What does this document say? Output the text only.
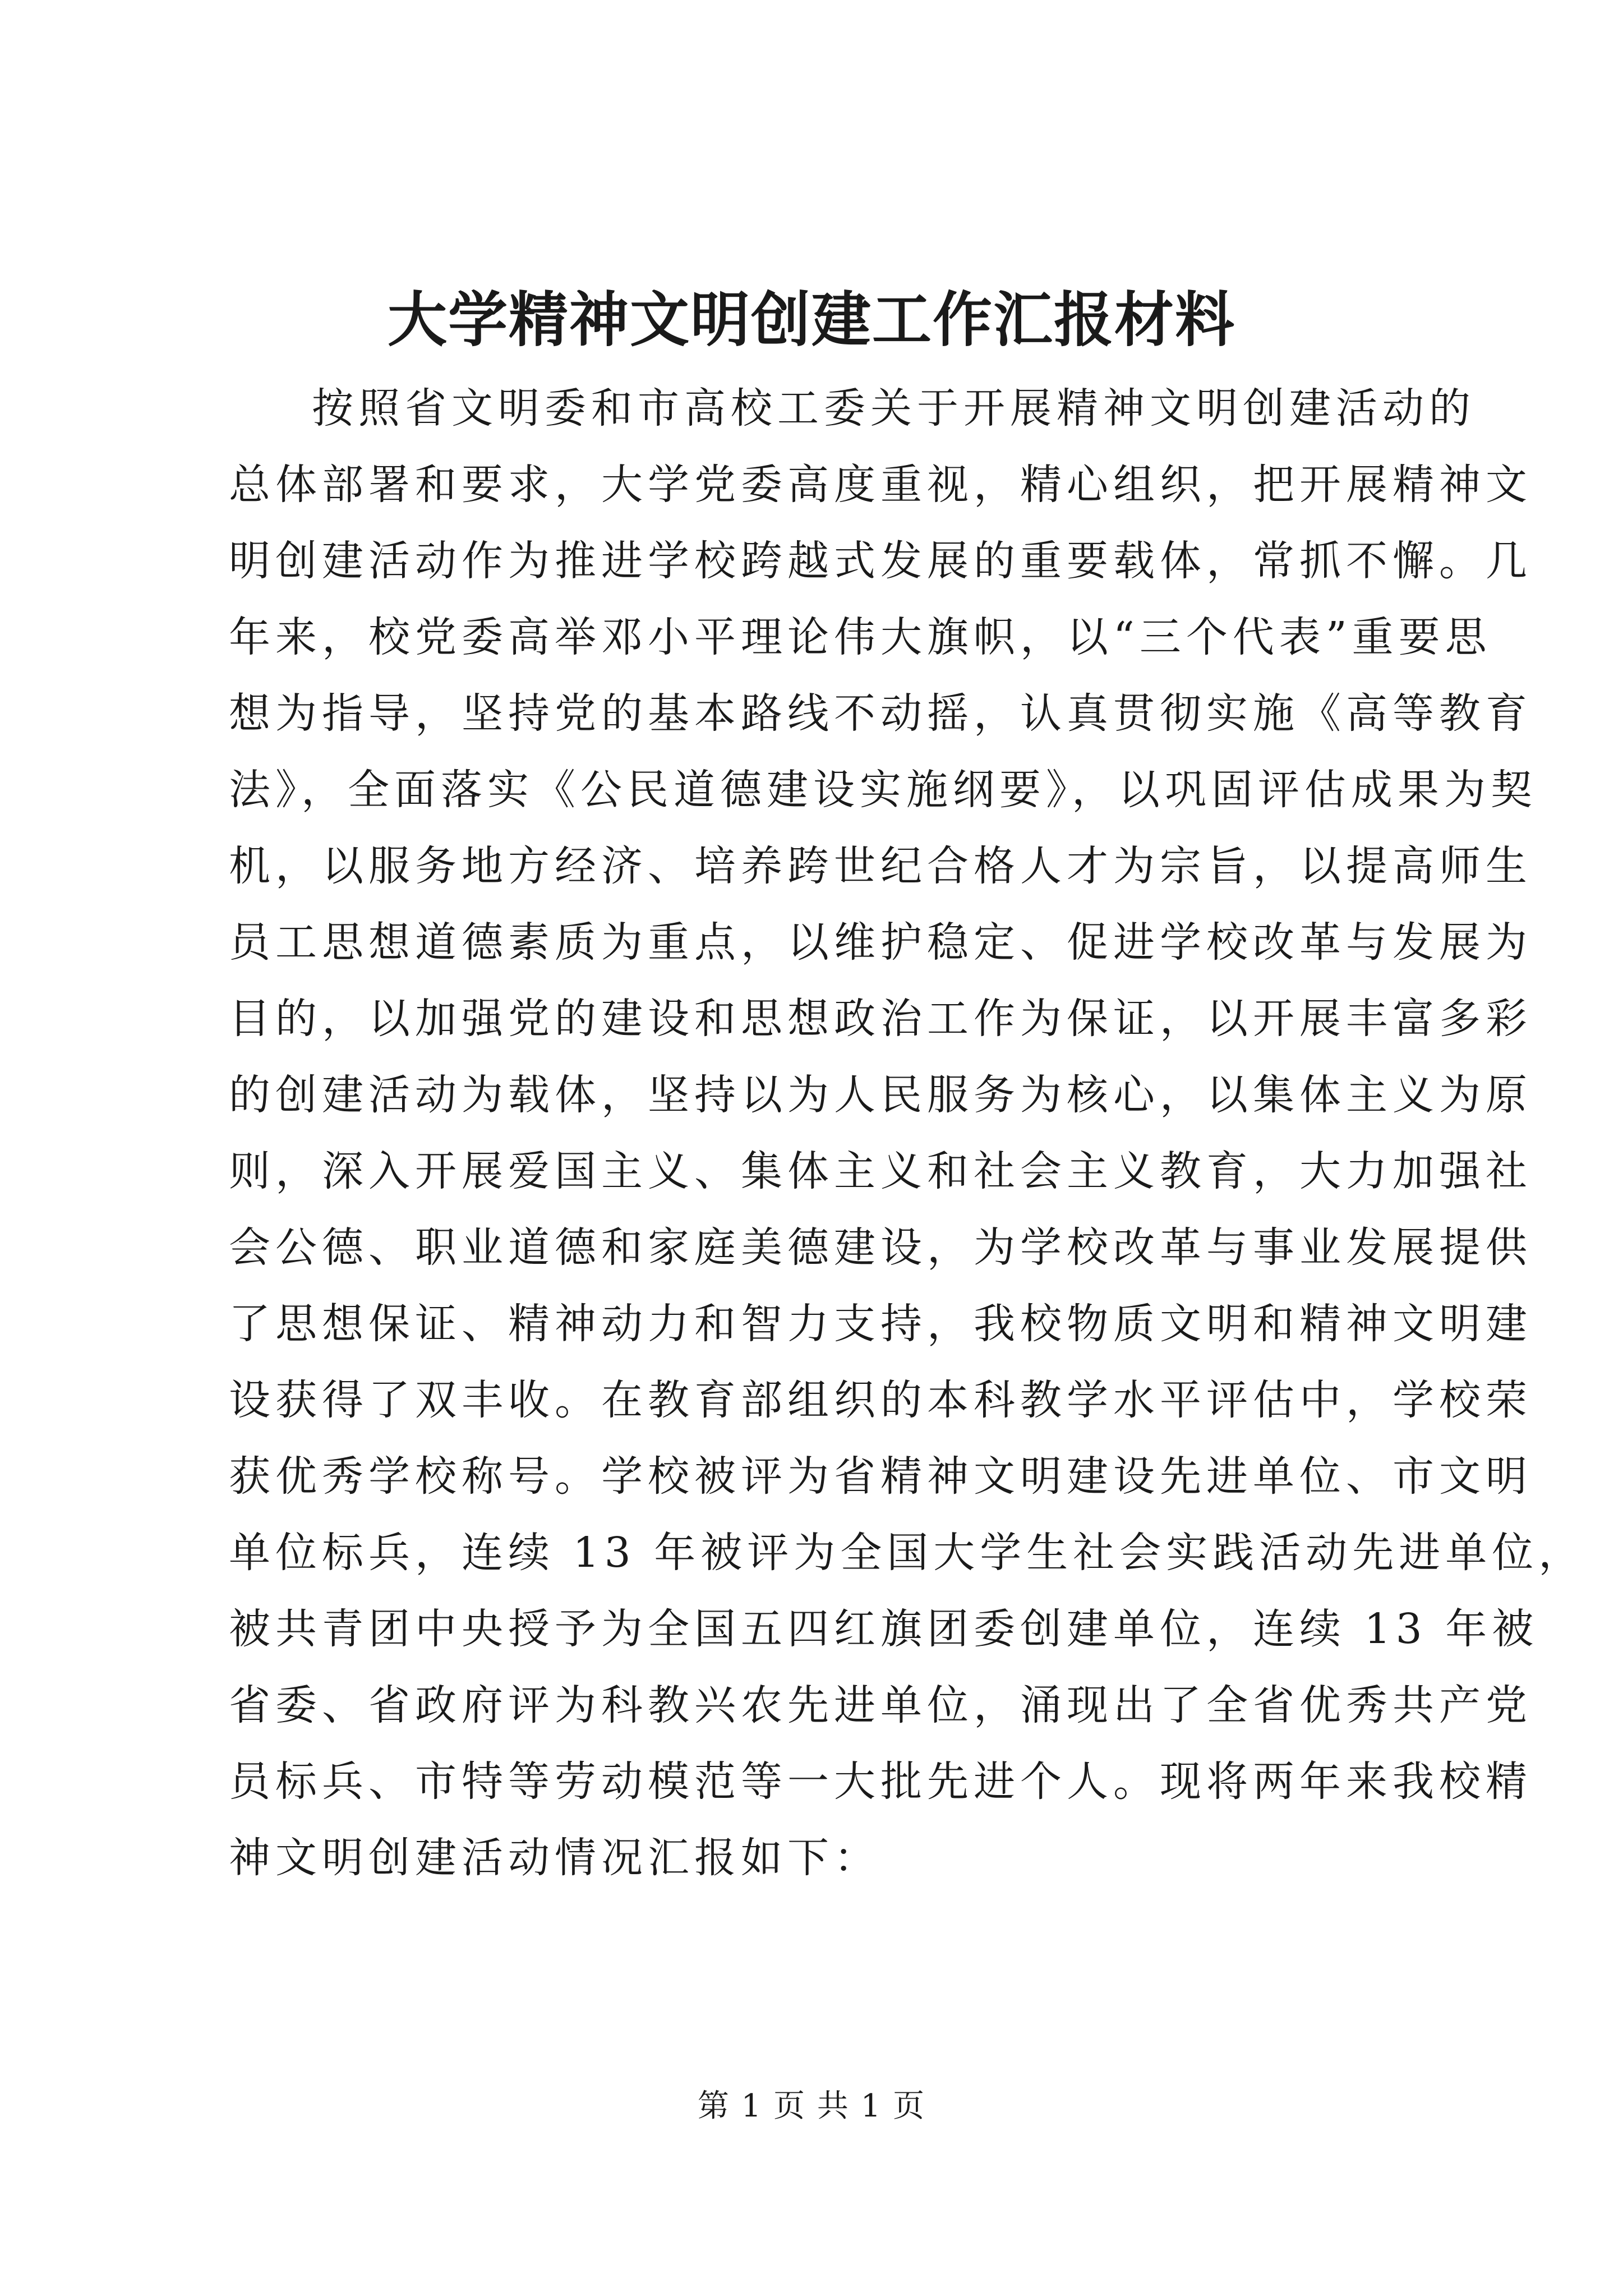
大学精神文明创建工作汇报材料
按照省文明委和市高校工委关于开展精神文明创建活动的
总体部署和要求，大学党委高度重视，精心组织，把开展精神文
明创建活动作为推进学校跨越式发展的重要载体，常抓不懈。几
年来，校党委高举邓小平理论伟大旗帜，以“三个代表”重要思
想为指导，坚持党的基本路线不动摇，认真贯彻实施《高等教育
法》，全面落实《公民道德建设实施纲要》，以巩固评估成果为契
机，以服务地方经济、培养跨世纪合格人才为宗旨，以提高师生
员工思想道德素质为重点，以维护稳定、促进学校改革与发展为
目的，以加强党的建设和思想政治工作为保证，以开展丰富多彩
的创建活动为载体，坚持以为人民服务为核心，以集体主义为原
则，深入开展爱国主义、集体主义和社会主义教育，大力加强社
会公德、职业道德和家庭美德建设，为学校改革与事业发展提供
了思想保证、精神动力和智力支持，我校物质文明和精神文明建
设获得了双丰收。在教育部组织的本科教学水平评估中，学校荣
获优秀学校称号。学校被评为省精神文明建设先进单位、市文明
单位标兵，连续 13 年被评为全国大学生社会实践活动先进单位，
被共青团中央授予为全国五四红旗团委创建单位，连续 13 年被
省委、省政府评为科教兴农先进单位，涌现出了全省优秀共产党
员标兵、市特等劳动模范等一大批先进个人。现将两年来我校精
神文明创建活动情况汇报如下：
第 1 页 共 1 页
